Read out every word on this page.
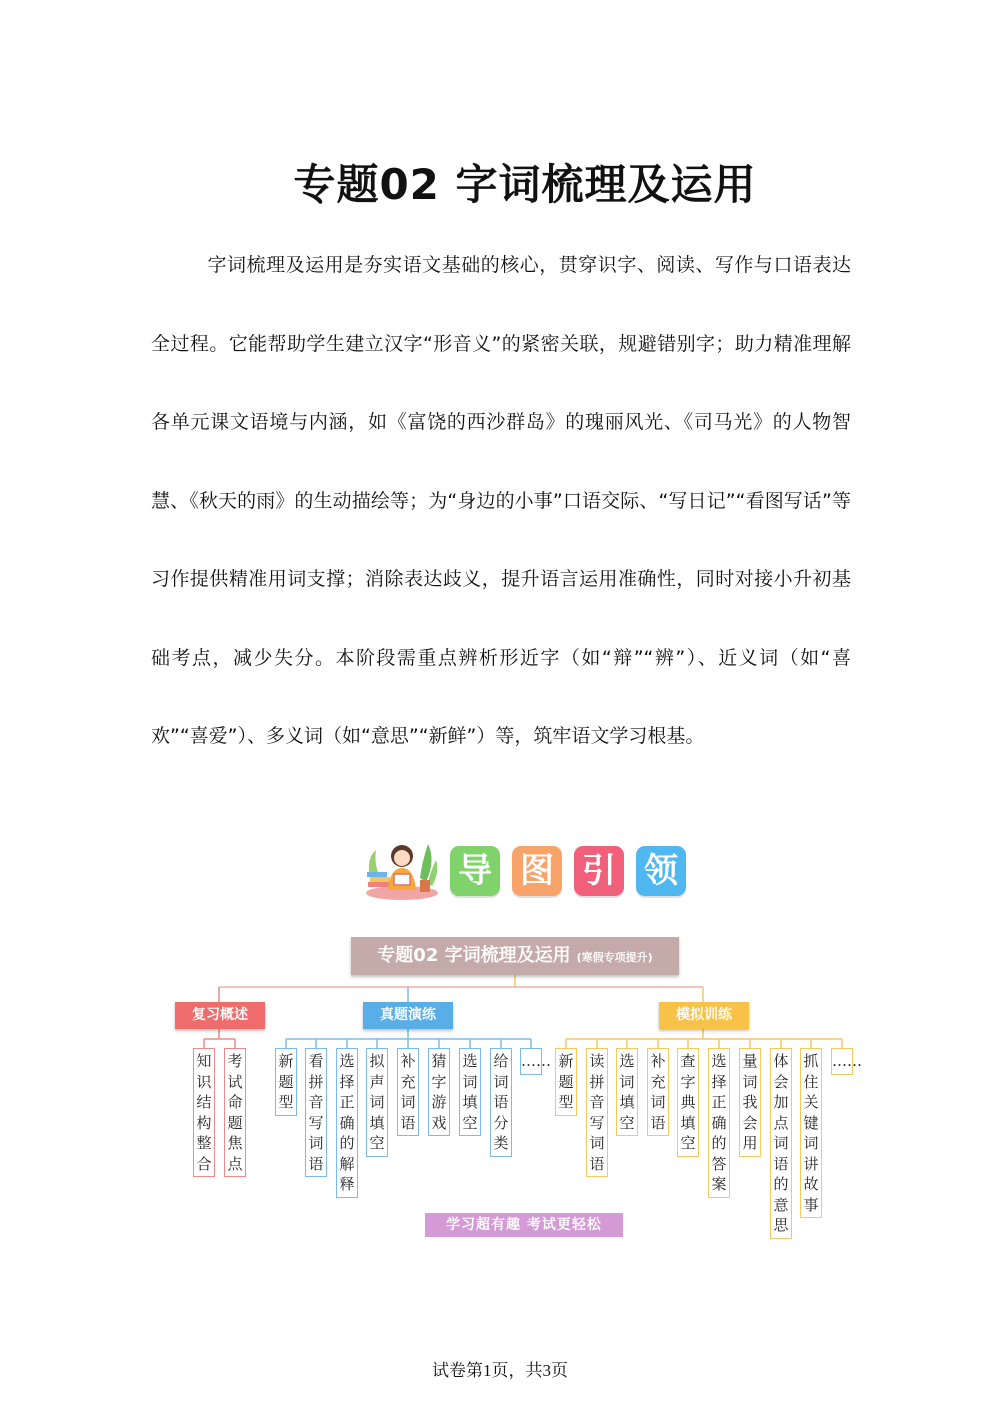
专题02 字词梳理及运用

字词梳理及运用是夯实语文基础的核心，贯穿识字、阅读、写作与口语表达全过程。它能帮助学生建立汉字“形音义”的紧密关联，规避错别字；助力精准理解各单元课文语境与内涵，如《富饶的西沙群岛》的瑰丽风光、《司马光》的人物智慧、《秋天的雨》的生动描绘等；为“身边的小事”口语交际、“写日记”“看图写话”等习作提供精准用词支撑；消除表达歧义，提升语言运用准确性，同时对接小升初基础考点，减少失分。本阶段需重点辨析形近字（如“辩”“辨”）、近义词（如“喜欢”“喜爱”）、多义词（如“意思”“新鲜”）等，筑牢语文学习根基。

导 图 引 领
专题02 字词梳理及运用 (寒假专项提升)
复习概述	真题演练	模拟训练
知识结构整合
考试命题焦点
新题型
看拼音写词语
选择正确的解释
拟声词填空
补充词语
猜字游戏
选词填空
给词语分类
…… 新题型
读拼音写词语
选词填空
补充词语
查字典填空
选择正确的答案
量词我会用
体会加点词语的意思
抓住关键词讲故事
……
学习超有趣 考试更轻松
试卷第1页，共3页
